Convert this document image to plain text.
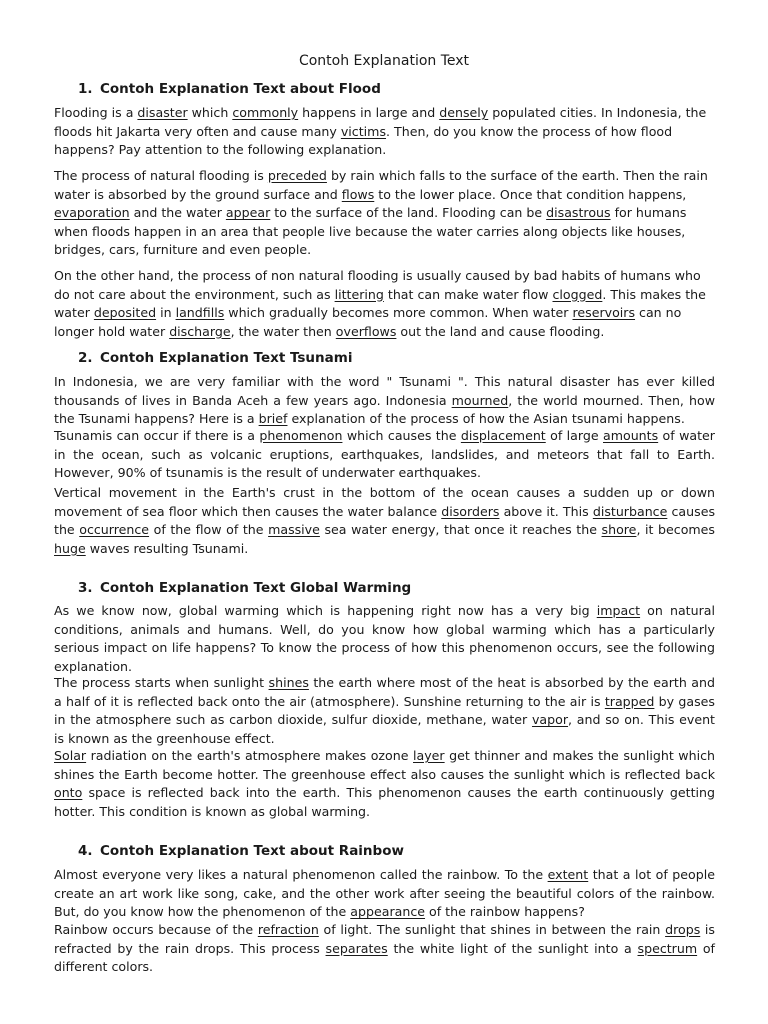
Contoh Explanation Text
1. Contoh Explanation Text about Flood

Flooding is a disaster which commonly happens in large and densely populated cities. In Indonesia, the floods hit Jakarta very often and cause many victims. Then, do you know the process of how flood happens? Pay attention to the following explanation.

The process of natural flooding is preceded by rain which falls to the surface of the earth. Then the rain water is absorbed by the ground surface and flows to the lower place. Once that condition happens, evaporation and the water appear to the surface of the land. Flooding can be disastrous for humans when floods happen in an area that people live because the water carries along objects like houses, bridges, cars, furniture and even people.

On the other hand, the process of non natural flooding is usually caused by bad habits of humans who do not care about the environment, such as littering that can make water flow clogged. This makes the water deposited in landfills which gradually becomes more common. When water reservoirs can no longer hold water discharge, the water then overflows out the land and cause flooding.

2. Contoh Explanation Text Tsunami

In Indonesia, we are very familiar with the word " Tsunami ". This natural disaster has ever killed thousands of lives in Banda Aceh a few years ago. Indonesia mourned, the world mourned. Then, how the Tsunami happens? Here is a brief explanation of the process of how the Asian tsunami happens.

Tsunamis can occur if there is a phenomenon which causes the displacement of large amounts of water in the ocean, such as volcanic eruptions, earthquakes, landslides, and meteors that fall to Earth. However, 90% of tsunamis is the result of underwater earthquakes.

Vertical movement in the Earth's crust in the bottom of the ocean causes a sudden up or down movement of sea floor which then causes the water balance disorders above it. This disturbance causes the occurrence of the flow of the massive sea water energy, that once it reaches the shore, it becomes huge waves resulting Tsunami.

3. Contoh Explanation Text Global Warming

As we know now, global warming which is happening right now has a very big impact on natural conditions, animals and humans. Well, do you know how global warming which has a particularly serious impact on life happens? To know the process of how this phenomenon occurs, see the following explanation.

The process starts when sunlight shines the earth where most of the heat is absorbed by the earth and a half of it is reflected back onto the air (atmosphere). Sunshine returning to the air is trapped by gases in the atmosphere such as carbon dioxide, sulfur dioxide, methane, water vapor, and so on. This event is known as the greenhouse effect.

Solar radiation on the earth's atmosphere makes ozone layer get thinner and makes the sunlight which shines the Earth become hotter. The greenhouse effect also causes the sunlight which is reflected back onto space is reflected back into the earth. This phenomenon causes the earth continuously getting hotter. This condition is known as global warming.

4. Contoh Explanation Text about Rainbow

Almost everyone very likes a natural phenomenon called the rainbow. To the extent that a lot of people create an art work like song, cake, and the other work after seeing the beautiful colors of the rainbow. But, do you know how the phenomenon of the appearance of the rainbow happens?

Rainbow occurs because of the refraction of light. The sunlight that shines in between the rain drops is refracted by the rain drops. This process separates the white light of the sunlight into a spectrum of different colors.
